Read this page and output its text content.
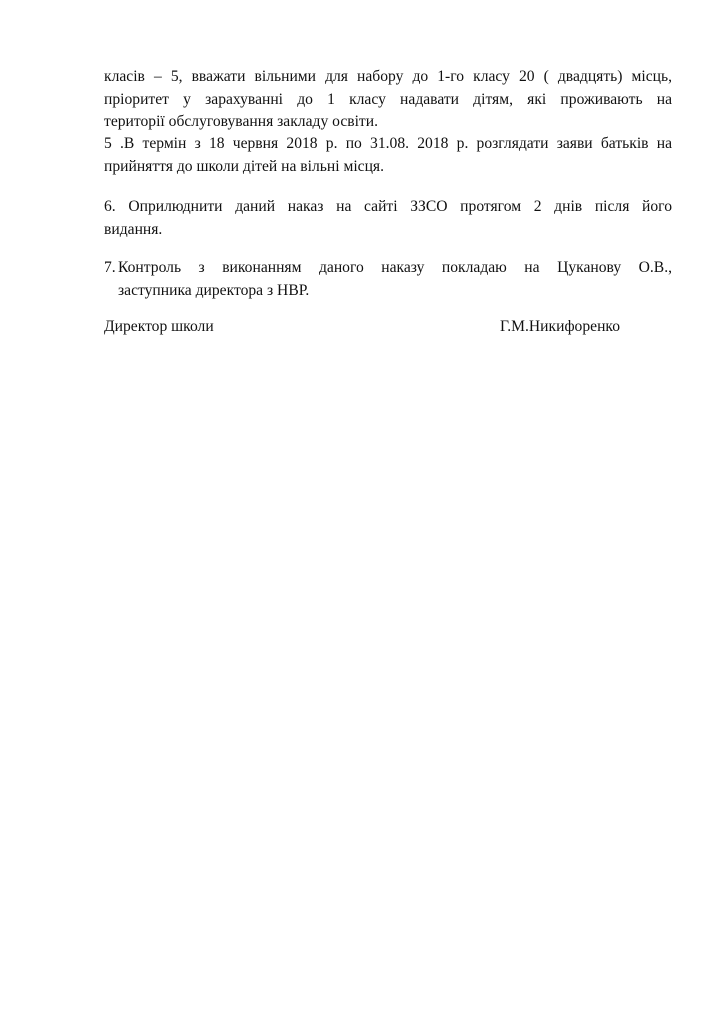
класів – 5, вважати вільними для набору до 1-го класу 20 ( двадцять) місць,
пріоритет у зарахуванні до 1 класу надавати дітям, які проживають на
території обслуговування закладу освіти.
5 .В термін з 18 червня 2018 р. по 31.08. 2018 р. розглядати заяви батьків на
прийняття до школи дітей на вільні місця.
6. Оприлюднити даний наказ на сайті ЗЗСО протягом 2 днів після його
видання.
7. Контроль з виконанням даного наказу покладаю на Цуканову О.В.,
заступника директора з НВР.
Директор школи	Г.М.Никифоренко
